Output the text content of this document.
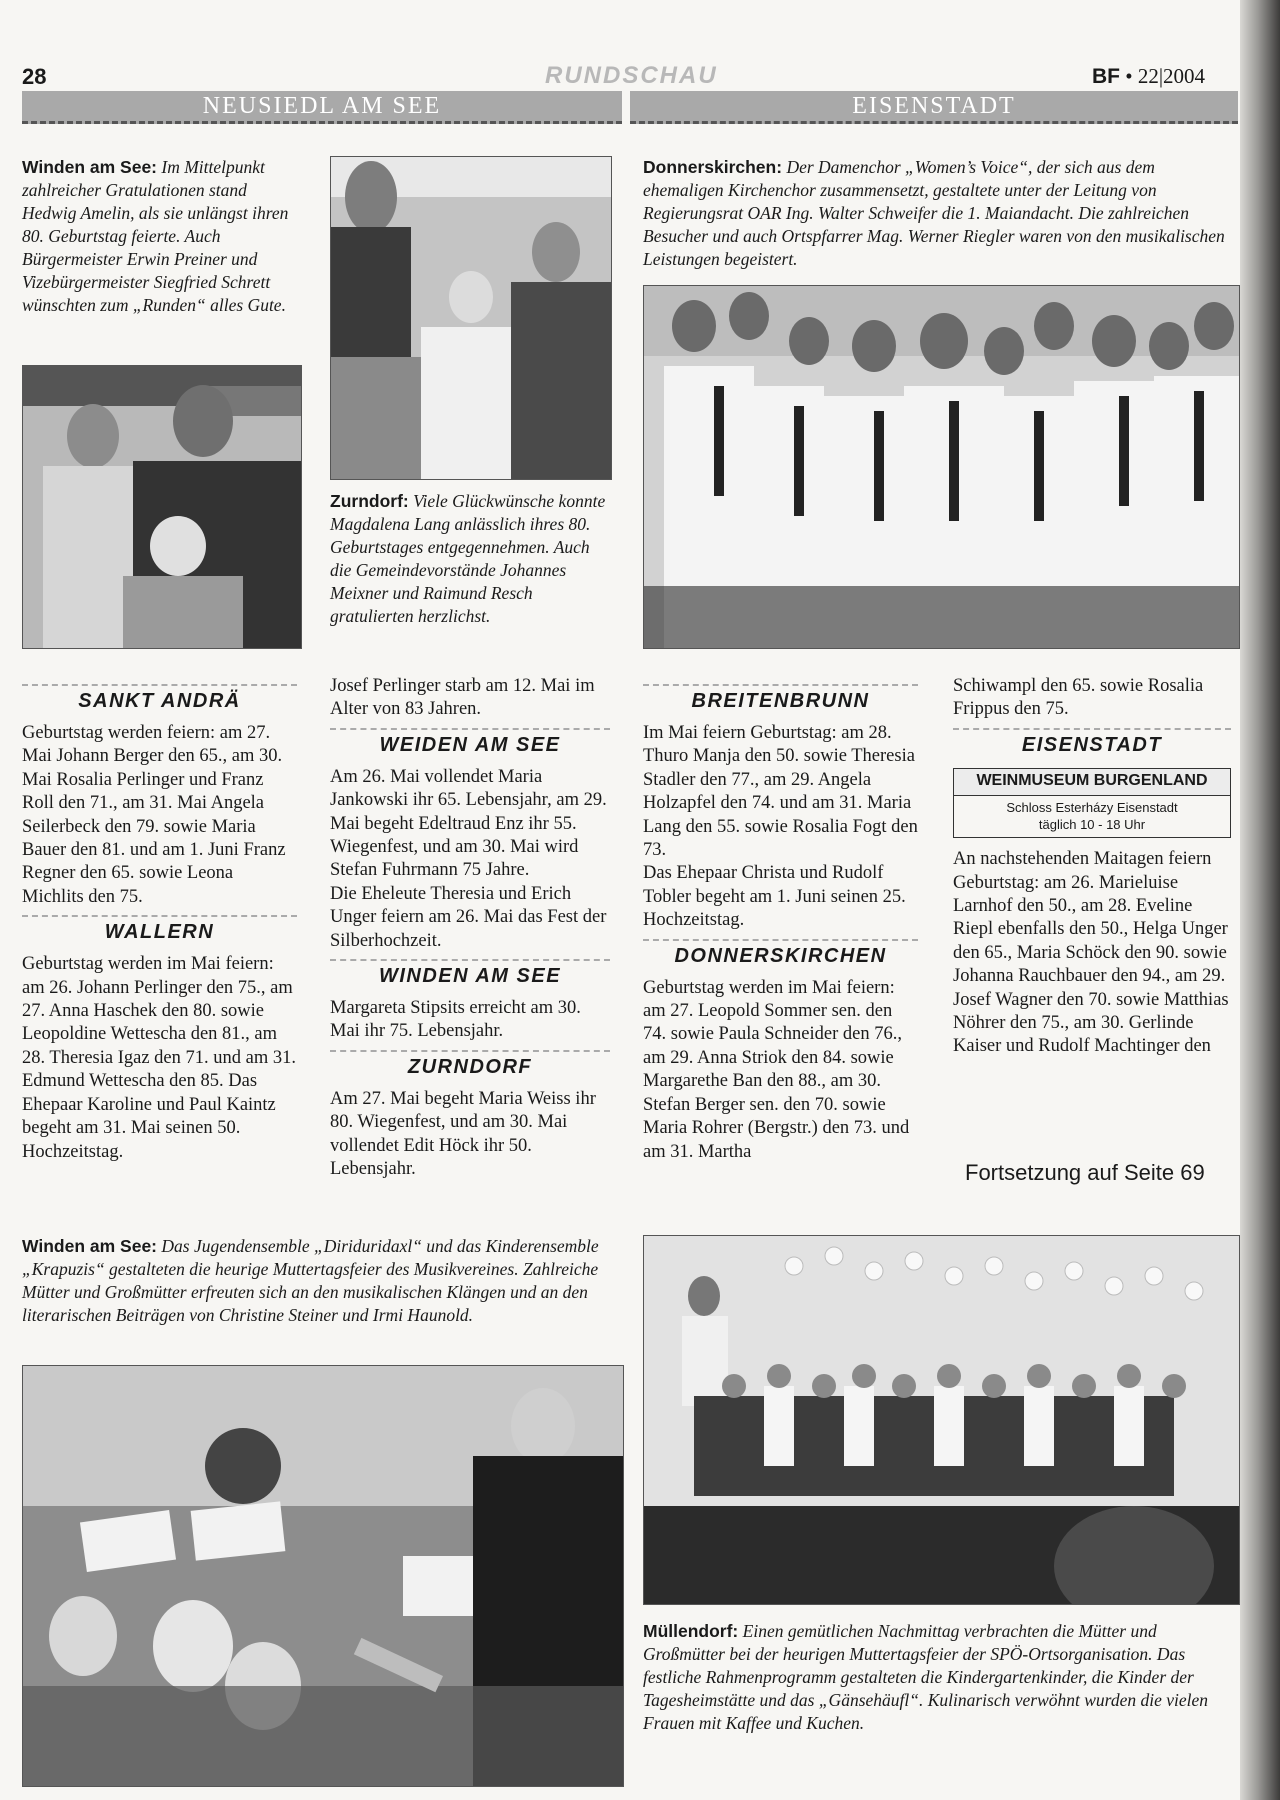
28	RUNDSCHAU	BF • 22|2004
NEUSIEDL AM SEE	EISENSTADT
Winden am See: Im Mittelpunkt zahlreicher Gratulationen stand Hedwig Amelin, als sie unlängst ihren 80. Geburtstag feierte. Auch Bürgermeister Erwin Preiner und Vizebürgermeister Siegfried Schrett wünschten zum „Runden“ alles Gute.
Zurndorf: Viele Glückwünsche konnte Magdalena Lang anlässlich ihres 80. Geburtstages entgegennehmen. Auch die Gemeindevorstände Johannes Meixner und Raimund Resch gratulierten herzlichst.
Donnerskirchen: Der Damenchor „Women’s Voice“, der sich aus dem ehemaligen Kirchenchor zusammensetzt, gestaltete unter der Leitung von Regierungsrat OAR Ing. Walter Schweifer die 1. Maiandacht. Die zahlreichen Besucher und auch Ortspfarrer Mag. Werner Riegler waren von den musikalischen Leistungen begeistert.
SANKT ANDRÄ

Geburtstag werden feiern: am 27. Mai Johann Berger den 65., am 30. Mai Rosalia Perlinger und Franz Roll den 71., am 31. Mai Angela Seilerbeck den 79. sowie Maria Bauer den 81. und am 1. Juni Franz Regner den 65. sowie Leona Michlits den 75.

WALLERN

Geburtstag werden im Mai feiern: am 26. Johann Perlinger den 75., am 27. Anna Haschek den 80. sowie Leopoldine Wettescha den 81., am 28. Theresia Igaz den 71. und am 31. Edmund Wettescha den 85. Das Ehepaar Karoline und Paul Kaintz begeht am 31. Mai seinen 50. Hochzeitstag.

Josef Perlinger starb am 12. Mai im Alter von 83 Jahren.

WEIDEN AM SEE

Am 26. Mai vollendet Maria Jankowski ihr 65. Lebensjahr, am 29. Mai begeht Edeltraud Enz ihr 55. Wiegenfest, und am 30. Mai wird Stefan Fuhrmann 75 Jahre.

Die Eheleute Theresia und Erich Unger feiern am 26. Mai das Fest der Silberhochzeit.

WINDEN AM SEE

Margareta Stipsits erreicht am 30. Mai ihr 75. Lebensjahr.

ZURNDORF

Am 27. Mai begeht Maria Weiss ihr 80. Wiegenfest, und am 30. Mai vollendet Edit Höck ihr 50. Lebensjahr.

BREITENBRUNN

Im Mai feiern Geburtstag: am 28. Thuro Manja den 50. sowie Theresia Stadler den 77., am 29. Angela Holzapfel den 74. und am 31. Maria Lang den 55. sowie Rosalia Fogt den 73.

Das Ehepaar Christa und Rudolf Tobler begeht am 1. Juni seinen 25. Hochzeitstag.

DONNERSKIRCHEN

Geburtstag werden im Mai feiern: am 27. Leopold Sommer sen. den 74. sowie Paula Schneider den 76., am 29. Anna Striok den 84. sowie Margarethe Ban den 88., am 30. Stefan Berger sen. den 70. sowie Maria Rohrer (Bergstr.) den 73. und am 31. Martha

Schiwampl den 65. sowie Rosalia Frippus den 75.

EISENSTADT
WEINMUSEUM BURGENLAND
Schloss Esterházy Eisenstadt
täglich 10 - 18 Uhr

An nachstehenden Maitagen feiern Geburtstag: am 26. Marieluise Larnhof den 50., am 28. Eveline Riepl ebenfalls den 50., Helga Unger den 65., Maria Schöck den 90. sowie Johanna Rauchbauer den 94., am 29. Josef Wagner den 70. sowie Matthias Nöhrer den 75., am 30. Gerlinde Kaiser und Rudolf Machtinger den

Fortsetzung auf Seite 69
Winden am See: Das Jugendensemble „Diriduridaxl“ und das Kinderensemble „Krapuzis“ gestalteten die heurige Muttertagsfeier des Musikvereines. Zahlreiche Mütter und Großmütter erfreuten sich an den musikalischen Klängen und an den literarischen Beiträgen von Christine Steiner und Irmi Haunold.
Müllendorf: Einen gemütlichen Nachmittag verbrachten die Mütter und Großmütter bei der heurigen Muttertagsfeier der SPÖ-Ortsorganisation. Das festliche Rahmenprogramm gestalteten die Kindergartenkinder, die Kinder der Tagesheimstätte und das „Gänsehäufl“. Kulinarisch verwöhnt wurden die vielen Frauen mit Kaffee und Kuchen.
